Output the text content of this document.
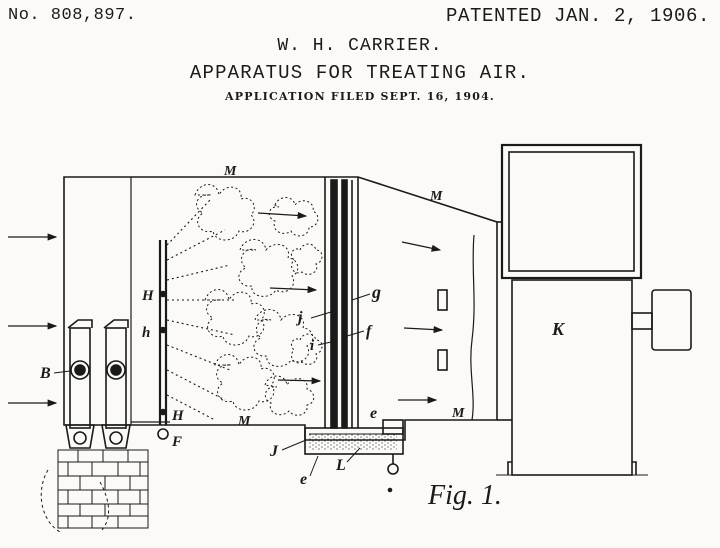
No. 808,897.	PATENTED JAN. 2, 1906.
W. H. CARRIER.
APPARATUS FOR TREATING AIR.
APPLICATION FILED SEPT. 16, 1904.
M
M
M
M
K
B
H
h
H
F
j
g
f
i
e
J
L
e
Fig. 1.
